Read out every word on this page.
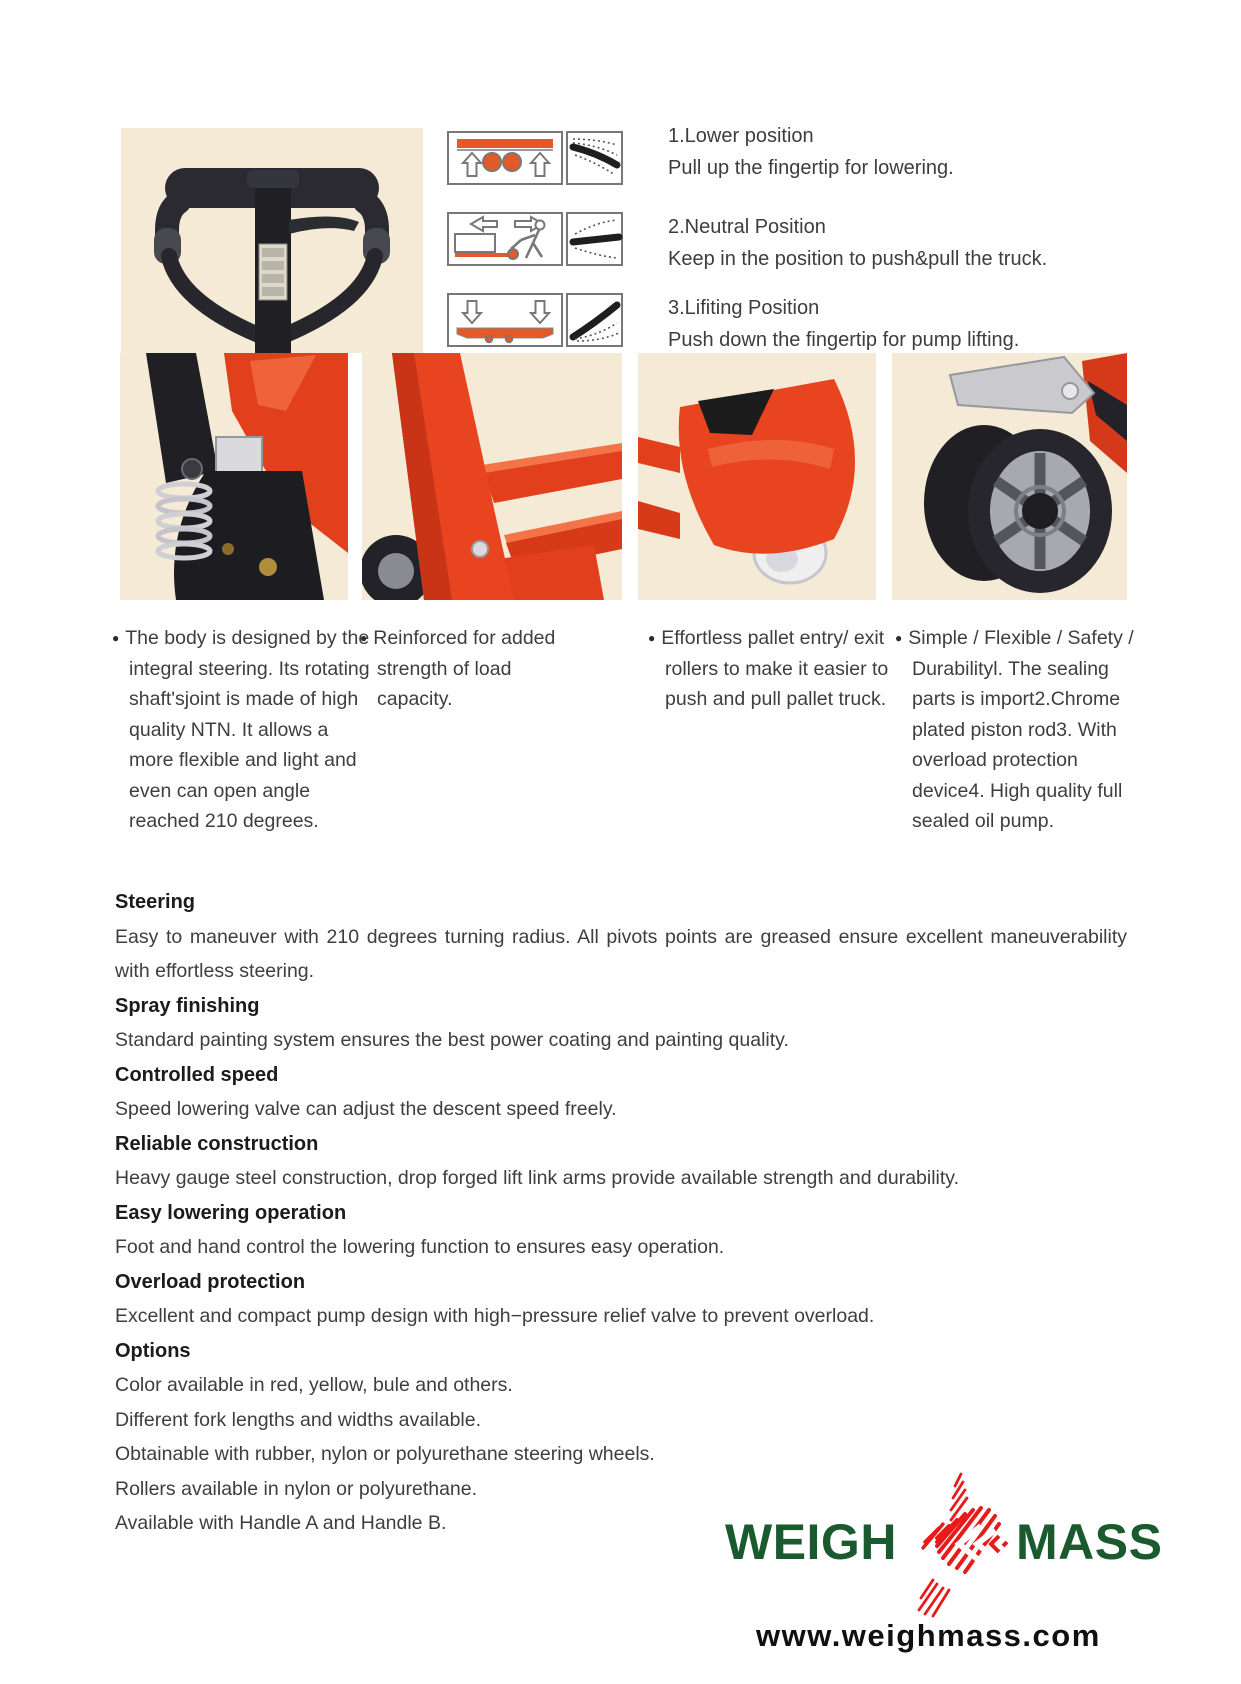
1.Lower position
Pull up the fingertip for lowering.
2.Neutral Position
Keep in the position to push&pull the truck.
3.Lifiting Position
Push down the fingertip for pump lifting.
● The body is designed by the integral steering. Its rotating shaft'sjoint is made of high quality NTN. It allows a more flexible and light and even can open angle reached 210 degrees.
● Reinforced for added strength of load capacity.
● Effortless pallet entry/ exit rollers to make it easier to push and pull pallet truck.
● Simple / Flexible / Safety / Durabilityl. The sealing parts is import2.Chrome plated piston rod3. With overload protection device4. High quality full sealed oil pump.
Steering

Easy to maneuver with 210 degrees turning radius. All pivots points are greased ensure excellent maneuverability with effortless steering.

Spray finishing

Standard painting system ensures the best power coating and painting quality.

Controlled speed

Speed lowering valve can adjust the descent speed freely.

Reliable construction

Heavy gauge steel construction, drop forged lift link arms provide available strength and durability.

Easy lowering operation

Foot and hand control the lowering function to ensures easy operation.

Overload protection

Excellent and compact pump design with high−pressure relief valve to prevent overload.

Options

Color available in red, yellow, bule and others.

Different fork lengths and widths available.

Obtainable with rubber, nylon or polyurethane steering wheels.

Rollers available in nylon or polyurethane.

Available with Handle A and Handle B.	WEIGH MASS
www.weighmass.com
